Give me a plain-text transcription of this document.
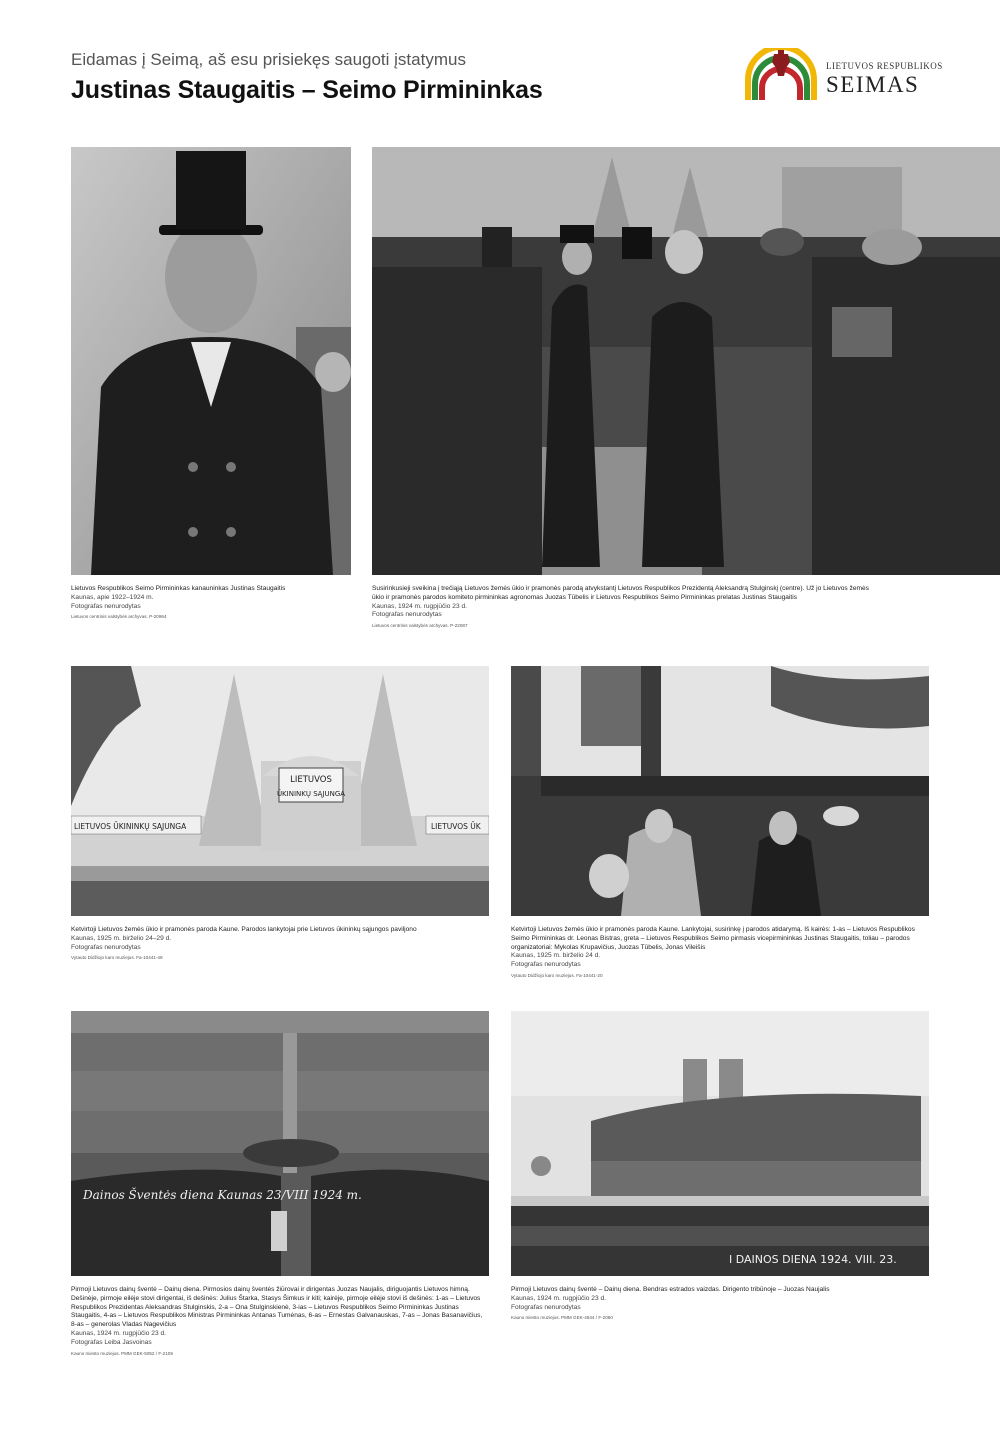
Eidamas į Seimą, aš esu prisiekęs saugoti įstatymus
Justinas Staugaitis – Seimo Pirmininkas
LIETUVOS RESPUBLIKOS
SEIMAS
Lietuvos Respublikos Seimo Pirmininkas kanauninkas Justinas Staugaitis
Kaunas, apie 1922–1924 m.
Fotografas nenurodytas
Lietuvos centrinis valstybės archyvas. P-20964
Susirinkusieji sveikina į trečiąją Lietuvos žemės ūkio ir pramonės parodą atvykstantį Lietuvos Respublikos Prezidentą Aleksandrą Stulginskį (centre). Už jo Lietuvos žemės ūkio ir pramonės parodos komiteto pirmininkas agronomas Juozas Tūbelis ir Lietuvos Respublikos Seimo Pirmininkas prelatas Justinas Staugaitis
Kaunas, 1924 m. rugpjūčio 23 d.
Fotografas nenurodytas
Lietuvos centrinis valstybės archyvas. P-22087
LIETUVOS
ŪKININKŲ SĄJUNGA
LIETUVOS ŪKININKŲ SĄJUNGA	LIETUVOS ŪK
Ketvirtoji Lietuvos žemės ūkio ir pramonės paroda Kaune. Parodos lankytojai prie Lietuvos ūkininkų sąjungos paviljono
Kaunas, 1925 m. birželio 24–29 d.
Fotografas nenurodytas
Vytauto Didžiojo karo muziejus. Fa-10441-49
Ketvirtoji Lietuvos žemės ūkio ir pramonės paroda Kaune. Lankytojai, susirinkę į parodos atidarymą. Iš kairės: 1-as – Lietuvos Respublikos Seimo Pirmininkas dr. Leonas Bistras, greta – Lietuvos Respublikos Seimo pirmasis vicepirmininkas Justinas Staugaitis, toliau – parodos organizatoriai: Mykolas Krupavičius, Juozas Tūbelis, Jonas Vileišis
Kaunas, 1925 m. birželio 24 d.
Fotografas nenurodytas
Vytauto Didžiojo karo muziejus. Fa-10441-20
Dainos Šventės diena Kaunas 23/VIII 1924 m.
Pirmoji Lietuvos dainų šventė – Dainų diena. Pirmosios dainų šventės žiūrovai ir dirigentas Juozas Naujalis, diriguojantis Lietuvos himną. Dešinėje, pirmoje eilėje stovi dirigentai, iš dešinės: Julius Štarka, Stasys Šimkus ir kiti; kairėje, pirmoje eilėje stovi iš dešinės: 1-as – Lietuvos Respublikos Prezidentas Aleksandras Stulginskis, 2-a – Ona Stulginskienė, 3-ias – Lietuvos Respublikos Seimo Pirmininkas Justinas Staugaitis, 4-as – Lietuvos Respublikos Ministras Pirmininkas Antanas Tumėnas, 6-as – Ernestas Galvanauskas, 7-as – Jonas Basanavičius, 8-as – generolas Vladas Nagevičius
Kaunas, 1924 m. rugpjūčio 23 d.
Fotografas Leiba Jasvoinas
Kauno miesto muziejus. PMM GEK-5052 / F-2109
I DAINOS DIENA 1924. VIII. 23.
Pirmoji Lietuvos dainų šventė – Dainų diena. Bendras estrados vaizdas. Dirigento tribūnoje – Juozas Naujalis
Kaunas, 1924 m. rugpjūčio 23 d.
Fotografas nenurodytas
Kauno miesto muziejus. PMM GEK-4844 / F-2060
